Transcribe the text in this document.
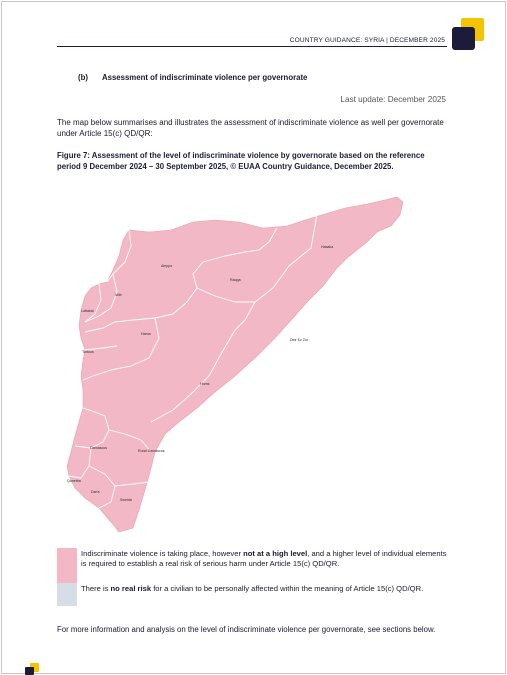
COUNTRY GUIDANCE: SYRIA | DECEMBER 2025
(b) Assessment of indiscriminate violence per governorate
Last update: December 2025
The map below summarises and illustrates the assessment of indiscriminate violence as well per governorate under Article 15(c) QD/QR:
Figure 7: Assessment of the level of indiscriminate violence by governorate based on the reference period 9 December 2024 – 30 September 2025, © EUAA Country Guidance, December 2025.
Hasaka
Aleppo
Raqqa
Idlib
Lattakia
Hama
Tartous
Deir Ez Zor
Homs
Damascus
Rural Damascus
Quneitra
Dar'a
Sweida
Indiscriminate violence is taking place, however not at a high level, and a higher level of individual elements is required to establish a real risk of serious harm under Article 15(c) QD/QR.
There is no real risk for a civilian to be personally affected within the meaning of Article 15(c) QD/QR.
For more information and analysis on the level of indiscriminate violence per governorate, see sections below.
